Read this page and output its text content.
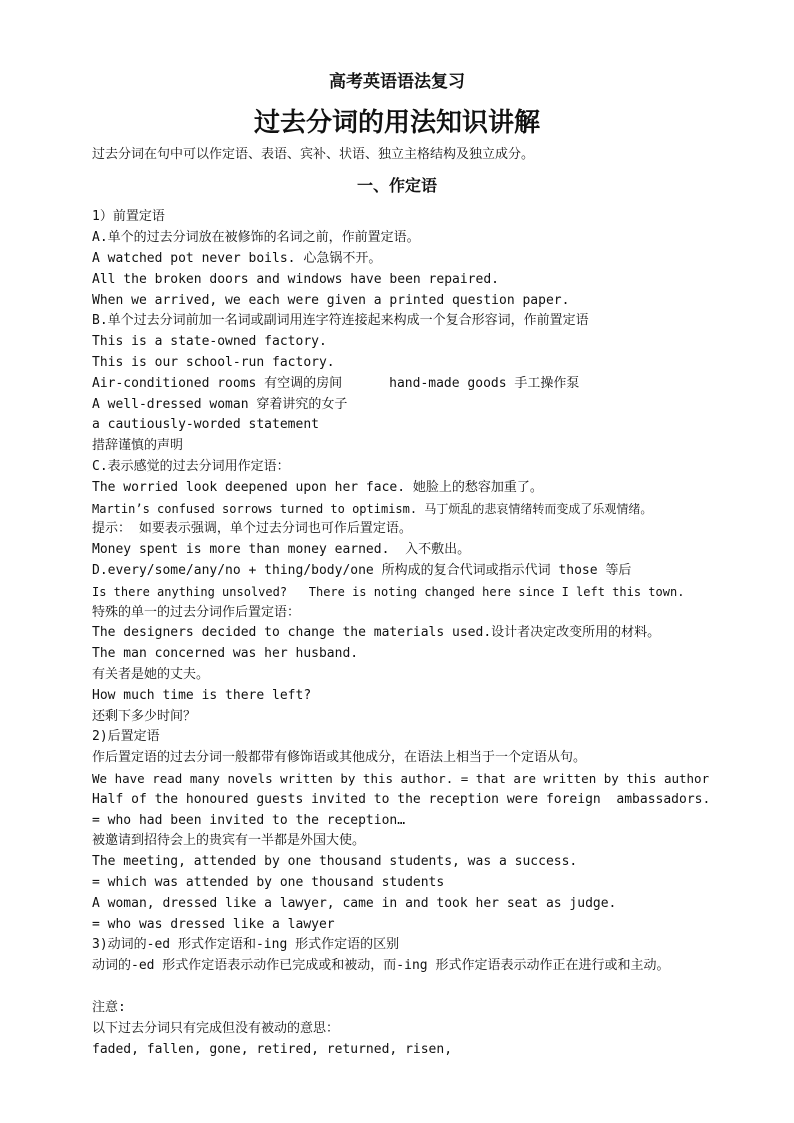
高考英语语法复习
过去分词的用法知识讲解
过去分词在句中可以作定语、表语、宾补、状语、独立主格结构及独立成分。
一、作定语
1）前置定语
A.单个的过去分词放在被修饰的名词之前，作前置定语。
A watched pot never boils. 心急锅不开。
All the broken doors and windows have been repaired.
When we arrived, we each were given a printed question paper.
B.单个过去分词前加一名词或副词用连字符连接起来构成一个复合形容词，作前置定语
This is a state-owned factory.
This is our school-run factory.
Air-conditioned rooms 有空调的房间      hand-made goods 手工操作泵
A well-dressed woman 穿着讲究的女子
a cautiously-worded statement
措辞谨慎的声明
C.表示感觉的过去分词用作定语：
The worried look deepened upon her face. 她脸上的愁容加重了。
Martin’s confused sorrows turned to optimism. 马丁烦乱的悲哀情绪转而变成了乐观情绪。
提示： 如要表示强调，单个过去分词也可作后置定语。
Money spent is more than money earned.  入不敷出。
D.every/some/any/no + thing/body/one 所构成的复合代词或指示代词 those 等后
Is there anything unsolved?   There is noting changed here since I left this town.
特殊的单一的过去分词作后置定语：
The designers decided to change the materials used.设计者决定改变所用的材料。
The man concerned was her husband.
有关者是她的丈夫。
How much time is there left?
还剩下多少时间？
2)后置定语
作后置定语的过去分词一般都带有修饰语或其他成分，在语法上相当于一个定语从句。
We have read many novels written by this author. = that are written by this author
Half of the honoured guests invited to the reception were foreign  ambassadors.
= who had been invited to the reception…
被邀请到招待会上的贵宾有一半都是外国大使。
The meeting, attended by one thousand students, was a success.
= which was attended by one thousand students
A woman, dressed like a lawyer, came in and took her seat as judge.
= who was dressed like a lawyer
3)动词的-ed 形式作定语和-ing 形式作定语的区别
动词的-ed 形式作定语表示动作已完成或和被动，而-ing 形式作定语表示动作正在进行或和主动。
注意:
以下过去分词只有完成但没有被动的意思：
faded, fallen, gone, retired, returned, risen,
